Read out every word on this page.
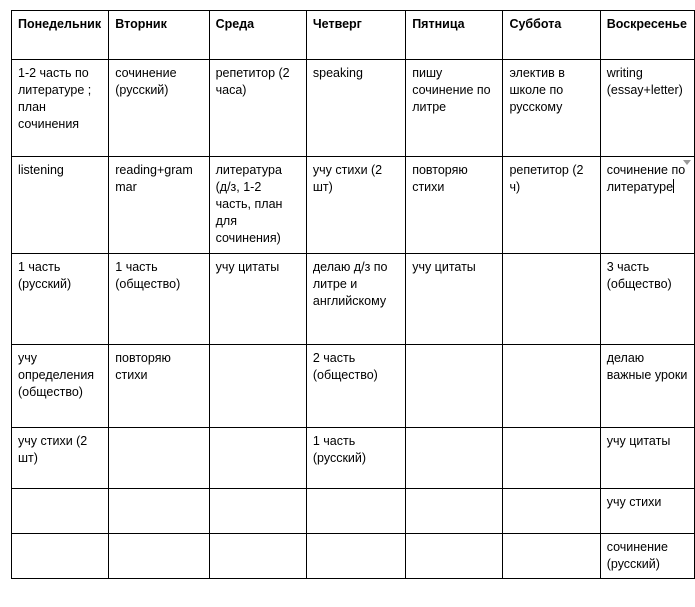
Понедельник	Вторник	Среда	Четверг	Пятница	Суббота	Воскресенье
1-2 часть по литературе ; план сочинения	сочинение (русский)	репетитор (2 часа)	speaking	пишу сочинение по литре	электив в школе по русскому	writing (essay+letter)
listening	reading+grammar	литература (д/з, 1-2 часть, план для сочинения)	учу стихи (2 шт)	повторяю стихи	репетитор (2 ч)	сочинение по литературе

1 часть (русский)	1 часть (общество)	учу цитаты	делаю д/з по литре и английскому	учу цитаты		3 часть (общество)
учу определения (общество)	повторяю стихи		2 часть (общество)			делаю важные уроки
учу стихи (2 шт)			1 часть (русский)			учу цитаты
						учу стихи
						сочинение (русский)
